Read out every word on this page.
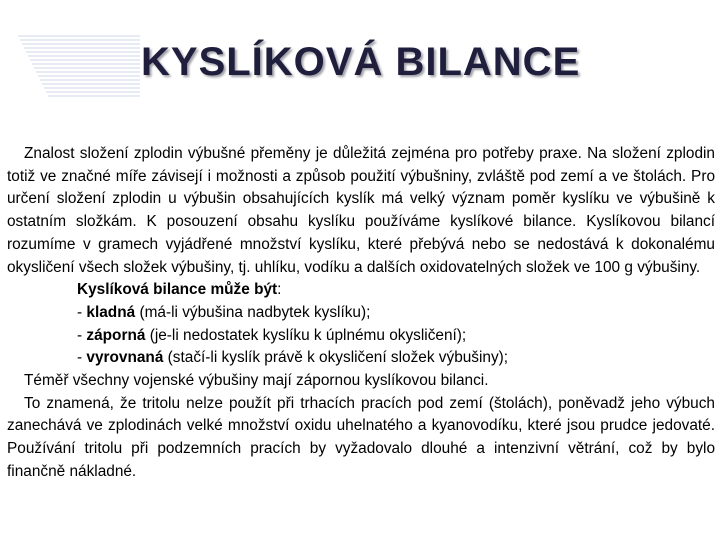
KYSLÍKOVÁ BILANCE

Znalost složení zplodin výbušné přeměny je důležitá zejména pro potřeby praxe. Na složení zplodin totiž ve značné míře závisejí i možnosti a způsob použití výbušniny, zvláště pod zemí a ve štolách. Pro určení složení zplodin u výbušin obsahujících kyslík má velký význam poměr kyslíku ve výbušině k ostatním složkám. K posouzení obsahu kyslíku používáme kyslíkové bilance. Kyslíkovou bilancí rozumíme v gramech vyjádřené množství kyslíku, které přebývá nebo se nedostává k dokonalému okysličení všech složek výbušiny, tj. uhlíku, vodíku a dalších oxidovatelných složek ve 100 g výbušiny.

Kyslíková bilance může být:

- kladná (má-li výbušina nadbytek kyslíku);

- záporná (je-li nedostatek kyslíku k úplnému okysličení);

- vyrovnaná (stačí-li kyslík právě k okysličení složek výbušiny);

Téměř všechny vojenské výbušiny mají zápornou kyslíkovou bilanci.

To znamená, že tritolu nelze použít při trhacích pracích pod zemí (štolách), poněvadž jeho výbuch zanechává ve zplodinách velké množství oxidu uhelnatého a kyanovodíku, které jsou prudce jedovaté. Používání tritolu při podzemních pracích by vyžadovalo dlouhé a intenzivní větrání, což by bylo finančně nákladné.
